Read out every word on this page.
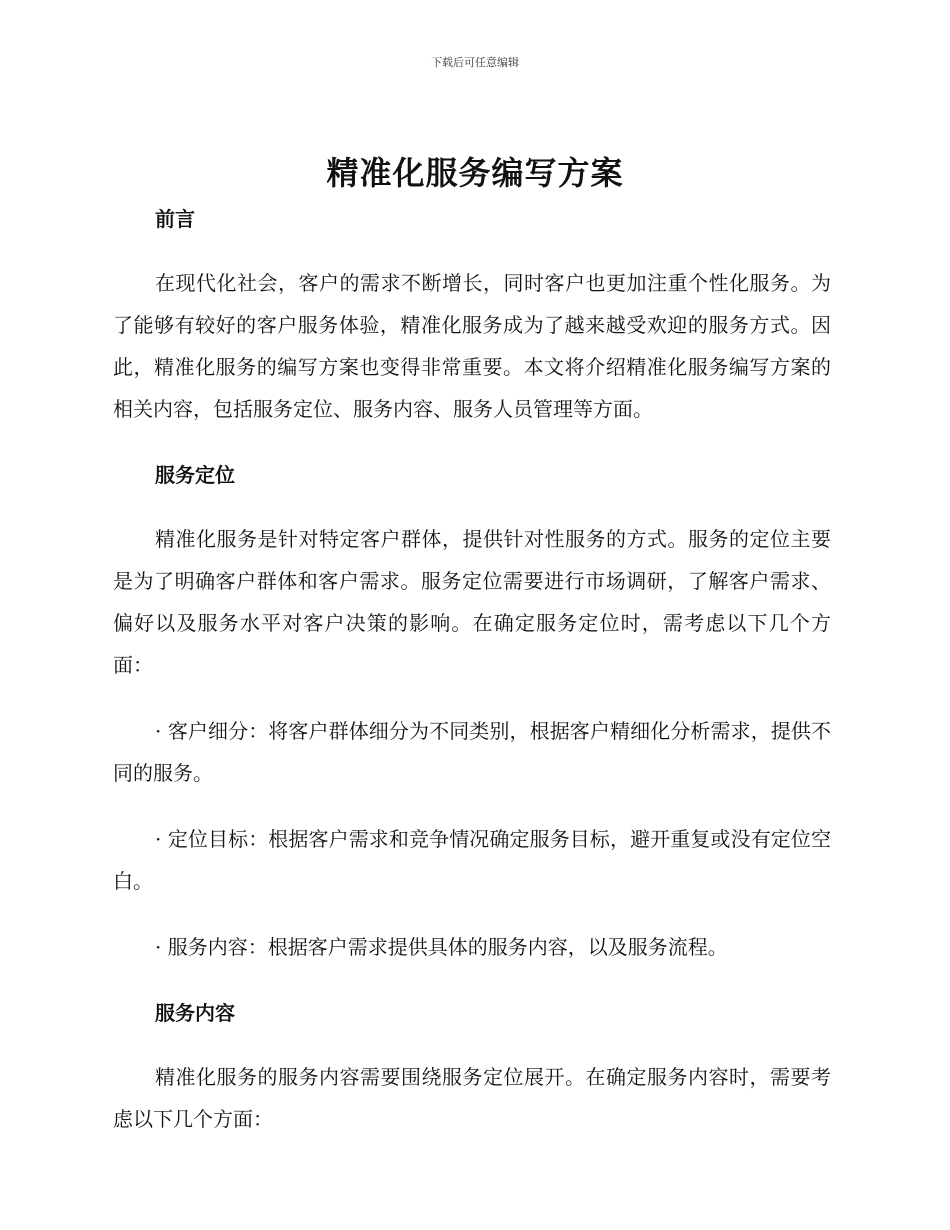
下载后可任意编辑
精准化服务编写方案

前言

在现代化社会，客户的需求不断增长，同时客户也更加注重个性化服务。为了能够有较好的客户服务体验，精准化服务成为了越来越受欢迎的服务方式。因此，精准化服务的编写方案也变得非常重要。本文将介绍精准化服务编写方案的相关内容，包括服务定位、服务内容、服务人员管理等方面。

服务定位

精准化服务是针对特定客户群体，提供针对性服务的方式。服务的定位主要是为了明确客户群体和客户需求。服务定位需要进行市场调研，了解客户需求、偏好以及服务水平对客户决策的影响。在确定服务定位时，需考虑以下几个方面：

· 客户细分：将客户群体细分为不同类别，根据客户精细化分析需求，提供不同的服务。

· 定位目标：根据客户需求和竞争情况确定服务目标，避开重复或没有定位空白。

· 服务内容：根据客户需求提供具体的服务内容，以及服务流程。

服务内容

精准化服务的服务内容需要围绕服务定位展开。在确定服务内容时，需要考虑以下几个方面：
